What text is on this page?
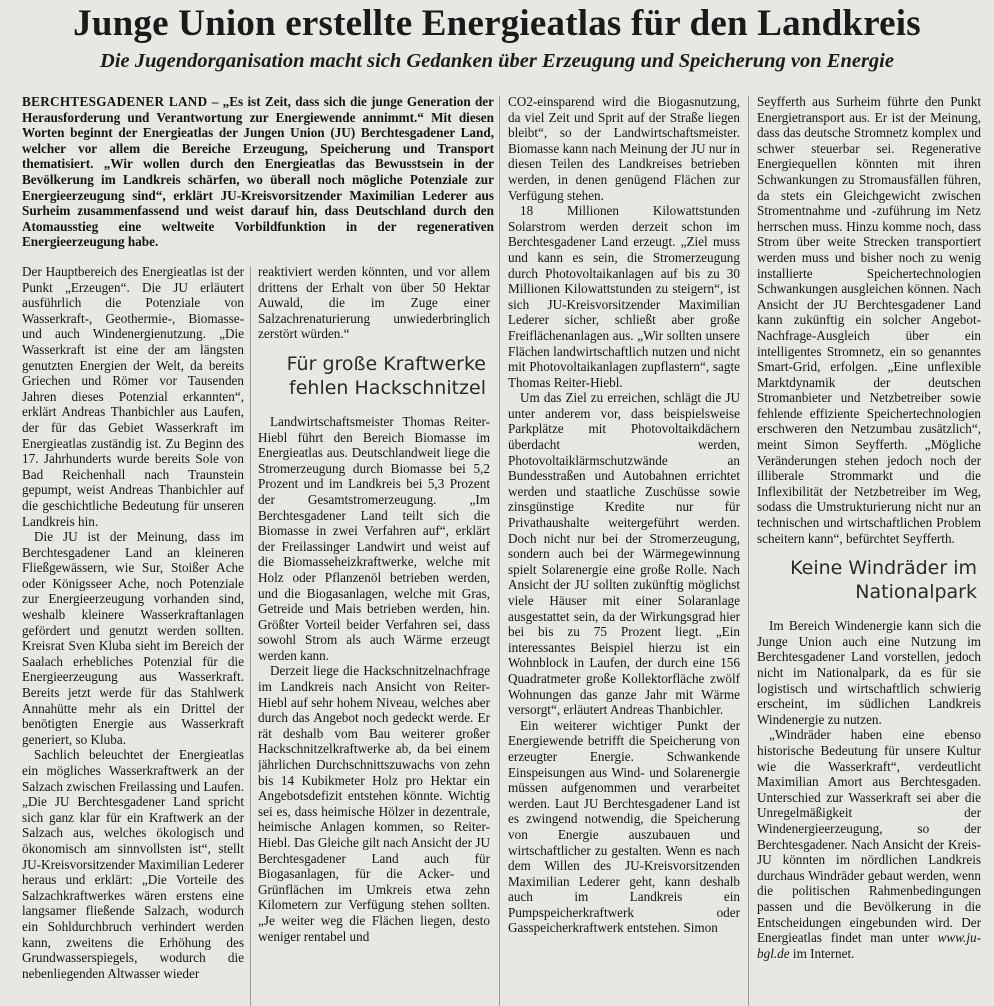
Junge Union erstellte Energieatlas für den Landkreis
Die Jugendorganisation macht sich Gedanken über Erzeugung und Speicherung von Energie
BERCHTESGADENER LAND – „Es ist Zeit, dass sich die junge Generation der Herausforderung und Verantwortung zur Energiewende annimmt.“ Mit diesen Worten beginnt der Energieatlas der Jungen Union (JU) Berchtesgadener Land, welcher vor allem die Bereiche Erzeugung, Speicherung und Transport thematisiert. „Wir wollen durch den Energieatlas das Bewusstsein in der Bevölkerung im Landkreis schärfen, wo überall noch mögliche Potenziale zur Energieerzeugung sind“, erklärt JU-Kreisvorsitzender Maximilian Lederer aus Surheim zusammenfassend und weist darauf hin, dass Deutschland durch den Atomausstieg eine weltweite Vorbildfunktion in der regenerativen Energieerzeugung habe.

Der Hauptbereich des Energieatlas ist der Punkt „Erzeugen“. Die JU erläutert ausführlich die Potenziale von Wasserkraft-, Geothermie-, Biomasse- und auch Windenergienutzung. „Die Wasserkraft ist eine der am längsten genutzten Energien der Welt, da bereits Griechen und Römer vor Tausenden Jahren dieses Potenzial erkannten“, erklärt Andreas Thanbichler aus Laufen, der für das Gebiet Wasserkraft im Energieatlas zuständig ist. Zu Beginn des 17. Jahrhunderts wurde bereits Sole von Bad Reichenhall nach Traunstein gepumpt, weist Andreas Thanbichler auf die geschichtliche Bedeutung für unseren Landkreis hin.

Die JU ist der Meinung, dass im Berchtesgadener Land an kleineren Fließgewässern, wie Sur, Stoißer Ache oder Königsseer Ache, noch Potenziale zur Energieerzeugung vorhanden sind, weshalb kleinere Wasserkraftanlagen gefördert und genutzt werden sollten. Kreisrat Sven Kluba sieht im Bereich der Saalach erhebliches Potenzial für die Energieerzeugung aus Wasserkraft. Bereits jetzt werde für das Stahlwerk Annahütte mehr als ein Drittel der benötigten Energie aus Wasserkraft generiert, so Kluba.

Sachlich beleuchtet der Energieatlas ein mögliches Wasserkraftwerk an der Salzach zwischen Freilassing und Laufen. „Die JU Berchtesgadener Land spricht sich ganz klar für ein Kraftwerk an der Salzach aus, welches ökologisch und ökonomisch am sinnvollsten ist“, stellt JU-Kreisvorsitzender Maximilian Lederer heraus und erklärt: „Die Vorteile des Salzachkraftwerkes wären erstens eine langsamer fließende Salzach, wodurch ein Sohldurchbruch verhindert werden kann, zweitens die Erhöhung des Grundwasserspiegels, wodurch die nebenliegenden Altwasser wieder

reaktiviert werden könnten, und vor allem drittens der Erhalt von über 50 Hektar Auwald, die im Zuge einer Salzachrenaturierung unwiederbringlich zerstört würden.“

Für große Kraftwerke fehlen Hackschnitzel

Landwirtschaftsmeister Thomas Reiter-Hiebl führt den Bereich Biomasse im Energieatlas aus. Deutschlandweit liege die Stromerzeugung durch Biomasse bei 5,2 Prozent und im Landkreis bei 5,3 Prozent der Gesamtstromerzeugung. „Im Berchtesgadener Land teilt sich die Biomasse in zwei Verfahren auf“, erklärt der Freilassinger Landwirt und weist auf die Biomasseheizkraftwerke, welche mit Holz oder Pflanzenöl betrieben werden, und die Biogasanlagen, welche mit Gras, Getreide und Mais betrieben werden, hin. Größter Vorteil beider Verfahren sei, dass sowohl Strom als auch Wärme erzeugt werden kann.

Derzeit liege die Hackschnitzelnachfrage im Landkreis nach Ansicht von Reiter-Hiebl auf sehr hohem Niveau, welches aber durch das Angebot noch gedeckt werde. Er rät deshalb vom Bau weiterer großer Hackschnitzelkraftwerke ab, da bei einem jährlichen Durchschnittszuwachs von zehn bis 14 Kubikmeter Holz pro Hektar ein Angebotsdefizit entstehen könnte. Wichtig sei es, dass heimische Hölzer in dezentrale, heimische Anlagen kommen, so Reiter-Hiebl. Das Gleiche gilt nach Ansicht der JU Berchtesgadener Land auch für Biogasanlagen, für die Acker- und Grünflächen im Umkreis etwa zehn Kilometern zur Verfügung stehen sollten. „Je weiter weg die Flächen liegen, desto weniger rentabel und

CO2-einsparend wird die Biogasnutzung, da viel Zeit und Sprit auf der Straße liegen bleibt“, so der Landwirtschaftsmeister. Biomasse kann nach Meinung der JU nur in diesen Teilen des Landkreises betrieben werden, in denen genügend Flächen zur Verfügung stehen.

18 Millionen Kilowattstunden Solarstrom werden derzeit schon im Berchtesgadener Land erzeugt. „Ziel muss und kann es sein, die Stromerzeugung durch Photovoltaikanlagen auf bis zu 30 Millionen Kilowattstunden zu steigern“, ist sich JU-Kreisvorsitzender Maximilian Lederer sicher, schließt aber große Freiflächenanlagen aus. „Wir sollten unsere Flächen landwirtschaftlich nutzen und nicht mit Photovoltaikanlagen zupflastern“, sagte Thomas Reiter-Hiebl.

Um das Ziel zu erreichen, schlägt die JU unter anderem vor, dass beispielsweise Parkplätze mit Photovoltaikdächern überdacht werden, Photovoltaiklärmschutzwände an Bundesstraßen und Autobahnen errichtet werden und staatliche Zuschüsse sowie zinsgünstige Kredite nur für Privathaushalte weitergeführt werden. Doch nicht nur bei der Stromerzeugung, sondern auch bei der Wärmegewinnung spielt Solarenergie eine große Rolle. Nach Ansicht der JU sollten zukünftig möglichst viele Häuser mit einer Solaranlage ausgestattet sein, da der Wirkungsgrad hier bei bis zu 75 Prozent liegt. „Ein interessantes Beispiel hierzu ist ein Wohnblock in Laufen, der durch eine 156 Quadratmeter große Kollektorfläche zwölf Wohnungen das ganze Jahr mit Wärme versorgt“, erläutert Andreas Thanbichler.

Ein weiterer wichtiger Punkt der Energiewende betrifft die Speicherung von erzeugter Energie. Schwankende Einspeisungen aus Wind- und Solarenergie müssen aufgenommen und verarbeitet werden. Laut JU Berchtesgadener Land ist es zwingend notwendig, die Speicherung von Energie auszubauen und wirtschaftlicher zu gestalten. Wenn es nach dem Willen des JU-Kreisvorsitzenden Maximilian Lederer geht, kann deshalb auch im Landkreis ein Pumpspeicherkraftwerk oder Gasspeicherkraftwerk entstehen. Simon

Seyfferth aus Surheim führte den Punkt Energietransport aus. Er ist der Meinung, dass das deutsche Stromnetz komplex und schwer steuerbar sei. Regenerative Energiequellen könnten mit ihren Schwankungen zu Stromausfällen führen, da stets ein Gleichgewicht zwischen Stromentnahme und -zuführung im Netz herrschen muss. Hinzu komme noch, dass Strom über weite Strecken transportiert werden muss und bisher noch zu wenig installierte Speichertechnologien Schwankungen ausgleichen können. Nach Ansicht der JU Berchtesgadener Land kann zukünftig ein solcher Angebot-Nachfrage-Ausgleich über ein intelligentes Stromnetz, ein so genanntes Smart-Grid, erfolgen. „Eine unflexible Marktdynamik der deutschen Stromanbieter und Netzbetreiber sowie fehlende effiziente Speichertechnologien erschweren den Netzumbau zusätzlich“, meint Simon Seyfferth. „Mögliche Veränderungen stehen jedoch noch der illiberale Strommarkt und die Inflexibilität der Netzbetreiber im Weg, sodass die Umstrukturierung nicht nur an technischen und wirtschaftlichen Problem scheitern kann“, befürchtet Seyfferth.

Keine Windräder im Nationalpark

Im Bereich Windenergie kann sich die Junge Union auch eine Nutzung im Berchtesgadener Land vorstellen, jedoch nicht im Nationalpark, da es für sie logistisch und wirtschaftlich schwierig erscheint, im südlichen Landkreis Windenergie zu nutzen.

„Windräder haben eine ebenso historische Bedeutung für unsere Kultur wie die Wasserkraft“, verdeutlicht Maximilian Amort aus Berchtesgaden. Unterschied zur Wasserkraft sei aber die Unregelmäßigkeit der Windenergieerzeugung, so der Berchtesgadener. Nach Ansicht der Kreis-JU könnten im nördlichen Landkreis durchaus Windräder gebaut werden, wenn die politischen Rahmenbedingungen passen und die Bevölkerung in die Entscheidungen eingebunden wird. Der Energieatlas findet man unter www.ju-bgl.de im Internet.
